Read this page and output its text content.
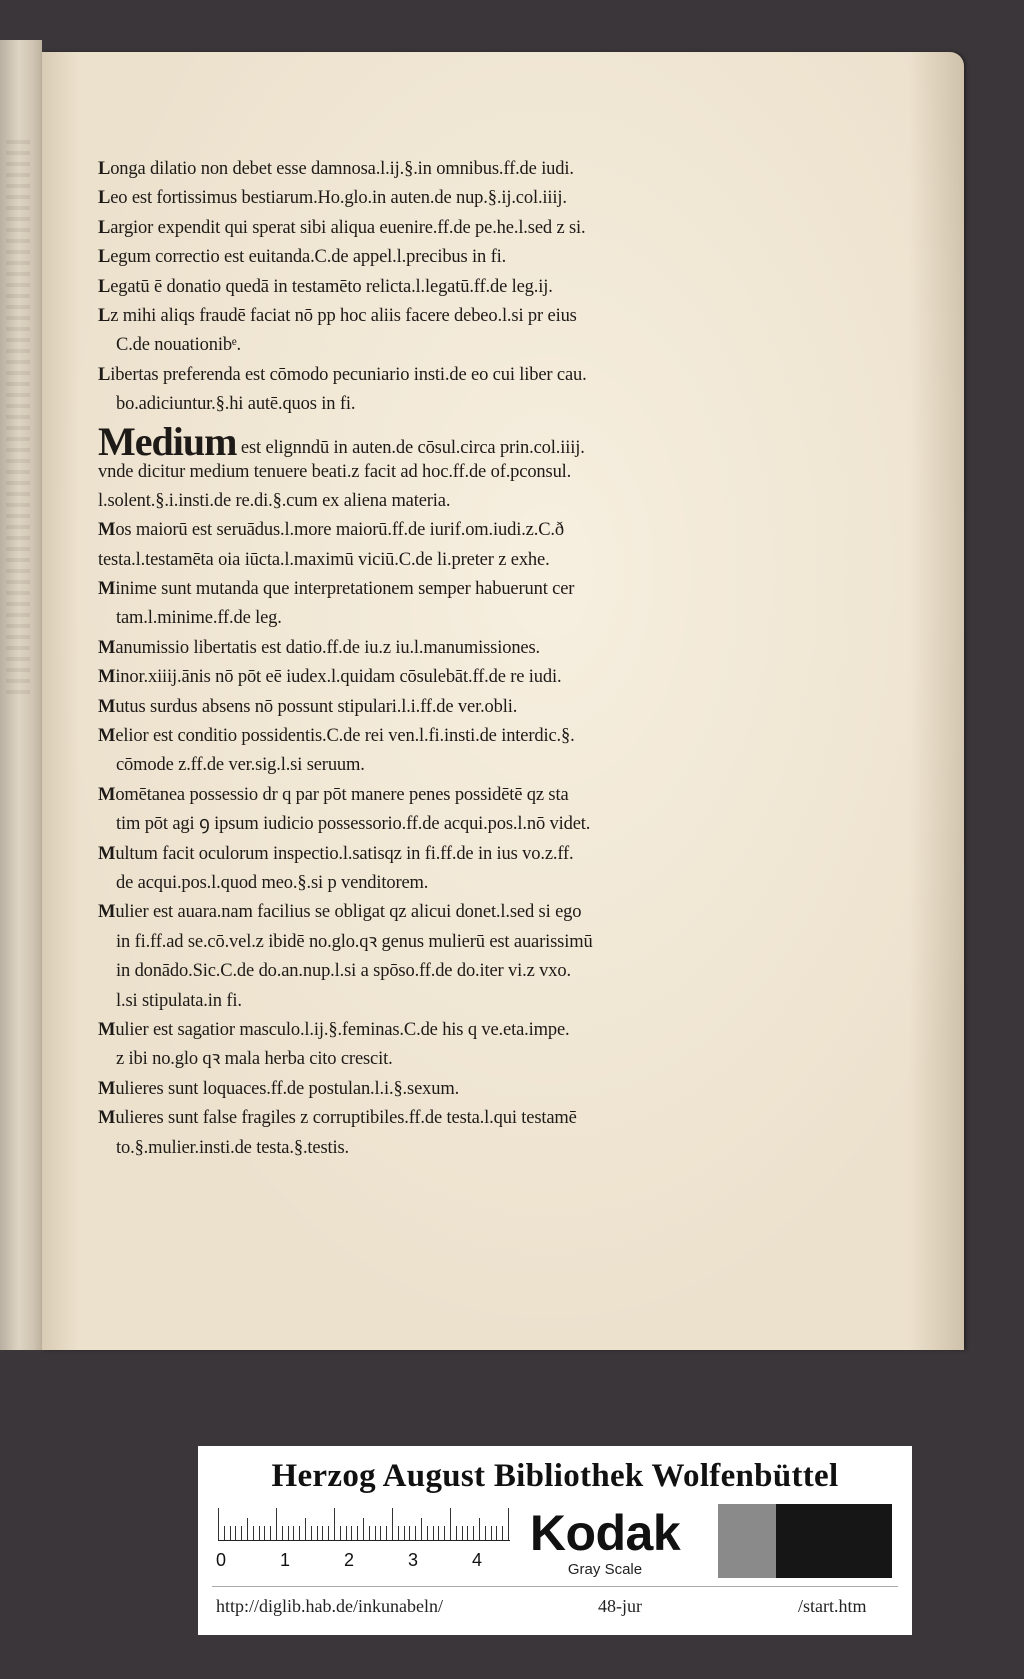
Longa dilatio non debet esse damnosa.l.ij.§.in omnibus.ff.de iudi.
Leo est fortissimus bestiarum.Ho.glo.in auten.de nup.§.ij.col.iiij.
Largior expendit qui sperat sibi aliqua euenire.ff.de pe.he.l.sed z si.
Legum correctio est euitanda.C.de appel.l.precibus in fi.
Legatū ē donatio quedā in testamēto relicta.l.legatū.ff.de leg.ij.
Lz mihi aliqs fraudē faciat nō pp hoc aliis facere debeo.l.si pr eius
C.de nouationibᵉ.
Libertas preferenda est cōmodo pecuniario insti.de eo cui liber cau.
bo.adiciuntur.§.hi autē.quos in fi.
Medium est elignndū in auten.de cōsul.circa prin.col.iiij.
vnde dicitur medium tenuere beati.z facit ad hoc.ff.de of.pconsul.
l.solent.§.i.insti.de re.di.§.cum ex aliena materia.
Mos maiorū est seruādus.l.more maiorū.ff.de iurif.om.iudi.z.C.ð
testa.l.testamēta oia iūcta.l.maximū viciū.C.de li.preter z exhe.
Minime sunt mutanda que interpretationem semper habuerunt cer
tam.l.minime.ff.de leg.
Manumissio libertatis est datio.ff.de iu.z iu.l.manumissiones.
Minor.xiiij.ānis nō pōt eē iudex.l.quidam cōsulebāt.ff.de re iudi.
Mutus surdus absens nō possunt stipulari.l.i.ff.de ver.obli.
Melior est conditio possidentis.C.de rei ven.l.fi.insti.de interdic.§.
cōmode z.ff.de ver.sig.l.si seruum.
Momētanea possessio dr q par pōt manere penes possidētē qz sta
tim pōt agi ꝯ ipsum iudicio possessorio.ff.de acqui.pos.l.nō videt.
Multum facit oculorum inspectio.l.satisqz in fi.ff.de in ius vo.z.ff.
de acqui.pos.l.quod meo.§.si p venditorem.
Mulier est auara.nam facilius se obligat qz alicui donet.l.sed si ego
in fi.ff.ad se.cō.vel.z ibidē no.glo.qꝛ genus mulierū est auarissimū
in donādo.Sic.C.de do.an.nup.l.si a spōso.ff.de do.iter vi.z vxo.
l.si stipulata.in fi.
Mulier est sagatior masculo.l.ij.§.feminas.C.de his q ve.eta.impe.
z ibi no.glo qꝛ mala herba cito crescit.
Mulieres sunt loquaces.ff.de postulan.l.i.§.sexum.
Mulieres sunt false fragiles z corruptibiles.ff.de testa.l.qui testamē
to.§.mulier.insti.de testa.§.testis.
Herzog August Bibliothek Wolfenbüttel
0	1	2	3	4 Kodak
Gray Scale
http://diglib.hab.de/inkunabeln/	48-jur	/start.htm
